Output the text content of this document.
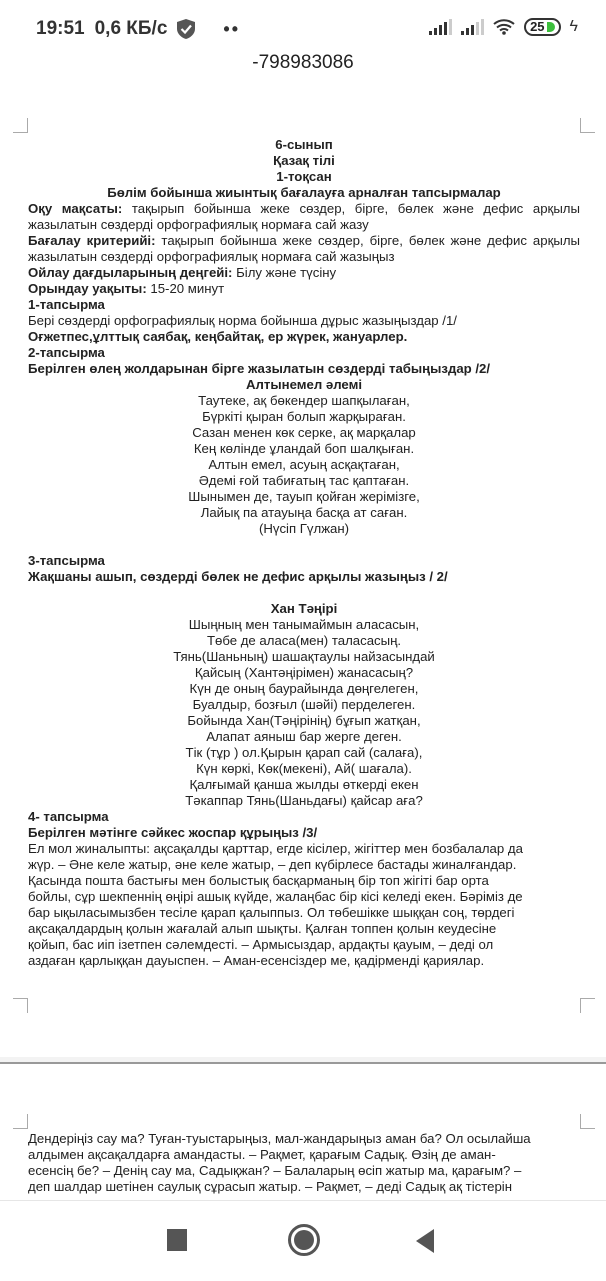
19:51 0,6 КБ/с	••	25 ϟ
-798983086
6-сынып
Қазақ тілі
1-тоқсан
Бөлім бойынша жиынтық бағалауға арналған тапсырмалар
Оқу мақсаты: тақырып бойынша жеке сөздер, бірге, бөлек және дефис арқылы жазылатын сөздерді орфографиялық нормаға сай жазу
Бағалау критерийі: тақырып бойынша жеке сөздер, бірге, бөлек және дефис арқылы жазылатын сөздерді орфографиялық нормаға сай жазыңыз
Ойлау дағдыларының деңгейі: Білу және түсіну
Орындау уақыты: 15-20 минут
1-тапсырма
Бері сөздерді орфографиялық норма бойынша дұрыс жазыңыздар /1/
Оғжетпес,ұлттық саябақ, кеңбайтақ, ер жүрек, жануарлер.
2-тапсырма
Берілген өлең жолдарынан бірге жазылатын сөздерді табыңыздар /2/
Алтынемел әлемі
Таутеке, ақ бөкендер шапқылаған,
Бүркіті қыран болып жарқыраған.
Сазан менен көк серке, ақ марқалар
Кең көлінде ұландай боп шалқыған.
Алтын емел, асуың асқақтаған,
Әдемі ғой табиғатың тас қаптаған.
Шынымен де, тауып қойған жерімізге,
Лайық па атауыңа басқа ат саған.
(Нүсіп Гүлжан)
3-тапсырма
Жақшаны ашып, сөздерді бөлек не дефис арқылы жазыңыз / 2/
Хан Тәңірі
Шыңның мен танымаймын аласасын,
Төбе де аласа(мен) таласасың.
Тянь(Шаньның) шашақтаулы найзасындай
Қайсың (Хантәңірімен) жанасасың?
Күн де оның баурайында дөңгелеген,
Буалдыр, бозғыл (шәйі) перделеген.
Бойында Хан(Тәңірінің) бұғып жатқан,
Алапат аяныш бар жерге деген.
Тік (тұр ) ол.Қырын қарап сай (салаға),
Күн көркі, Көк(мекені), Ай( шағала).
Қалғымай қанша жылды өткерді екен
Тәкаппар Тянь(Шаньдағы) қайсар аға?
4- тапсырма
Берілген мәтінге сәйкес жоспар құрыңыз /3/
Ел мол жиналыпты: ақсақалды қарттар, егде кісілер, жігіттер мен бозбалалар да
жүр. – Әне келе жатыр, әне келе жатыр, – деп күбірлесе бастады жиналғандар.
Қасында пошта бастығы мен болыстық басқарманың бір топ жігіті бар орта
бойлы, сұр шекпеннің өңірі ашық күйде, жалаңбас бір кісі келеді екен. Бәріміз де
бар ықыласымызбен тесіле қарап қалыппыз. Ол төбешікке шыққан соң, төрдегі
ақсақалдардың қолын жағалай алып шықты. Қалған топпен қолын кеудесіне
қойып, бас иіп ізетпен сәлемдесті. – Армысыздар, ардақты қауым, – деді ол
аздаған қарлыққан дауыспен. – Аман-есенсіздер ме, қадірменді қариялар.
Дендеріңіз сау ма? Туған-туыстарыңыз, мал-жандарыңыз аман ба? Ол осылайша
алдымен ақсақалдарға амандасты. – Рақмет, қарағым Садық. Өзің де аман-
есенсің бе? – Денің сау ма, Садықжан? – Балаларың өсіп жатыр ма, қарағым? –
деп шалдар шетінен саулық сұрасып жатыр. – Рақмет, – деді Садық ақ тістерін
